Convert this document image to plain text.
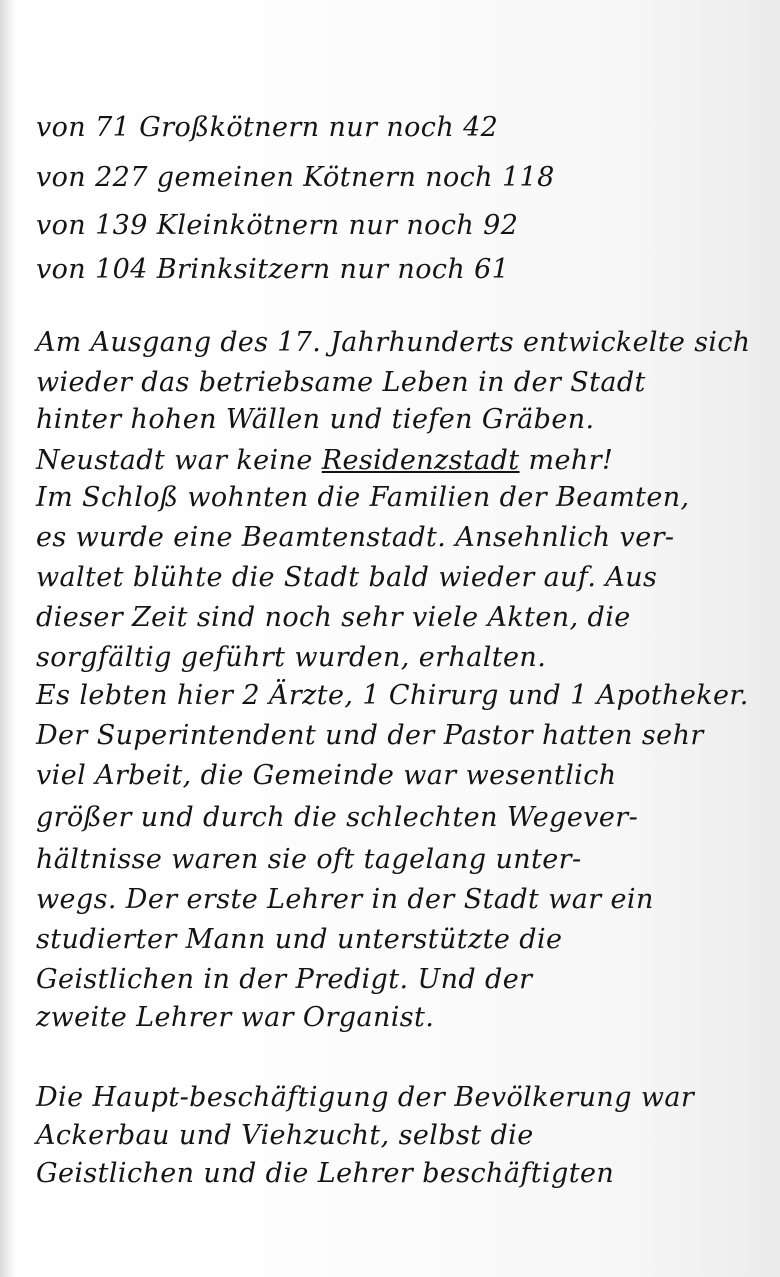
von 71 Großkötnern nur noch 42
von 227 gemeinen Kötnern noch 118
von 139 Kleinkötnern nur noch 92
von 104 Brinksitzern nur noch 61
Am Ausgang des 17. Jahrhunderts entwickelte sich
wieder das betriebsame Leben in der Stadt
hinter hohen Wällen und tiefen Gräben.
Neustadt war keine Residenzstadt mehr!
Im Schloß wohnten die Familien der Beamten,
es wurde eine Beamtenstadt. Ansehnlich ver-
waltet blühte die Stadt bald wieder auf. Aus
dieser Zeit sind noch sehr viele Akten, die
sorgfältig geführt wurden, erhalten.
Es lebten hier 2 Ärzte, 1 Chirurg und 1 Apotheker.
Der Superintendent und der Pastor hatten sehr
viel Arbeit, die Gemeinde war wesentlich
größer und durch die schlechten Wegever-
hältnisse waren sie oft tagelang unter-
wegs. Der erste Lehrer in der Stadt war ein
studierter Mann und unterstützte die
Geistlichen in der Predigt. Und der
zweite Lehrer war Organist.
Die Haupt-beschäftigung der Bevölkerung war
Ackerbau und Viehzucht, selbst die
Geistlichen und die Lehrer beschäftigten
